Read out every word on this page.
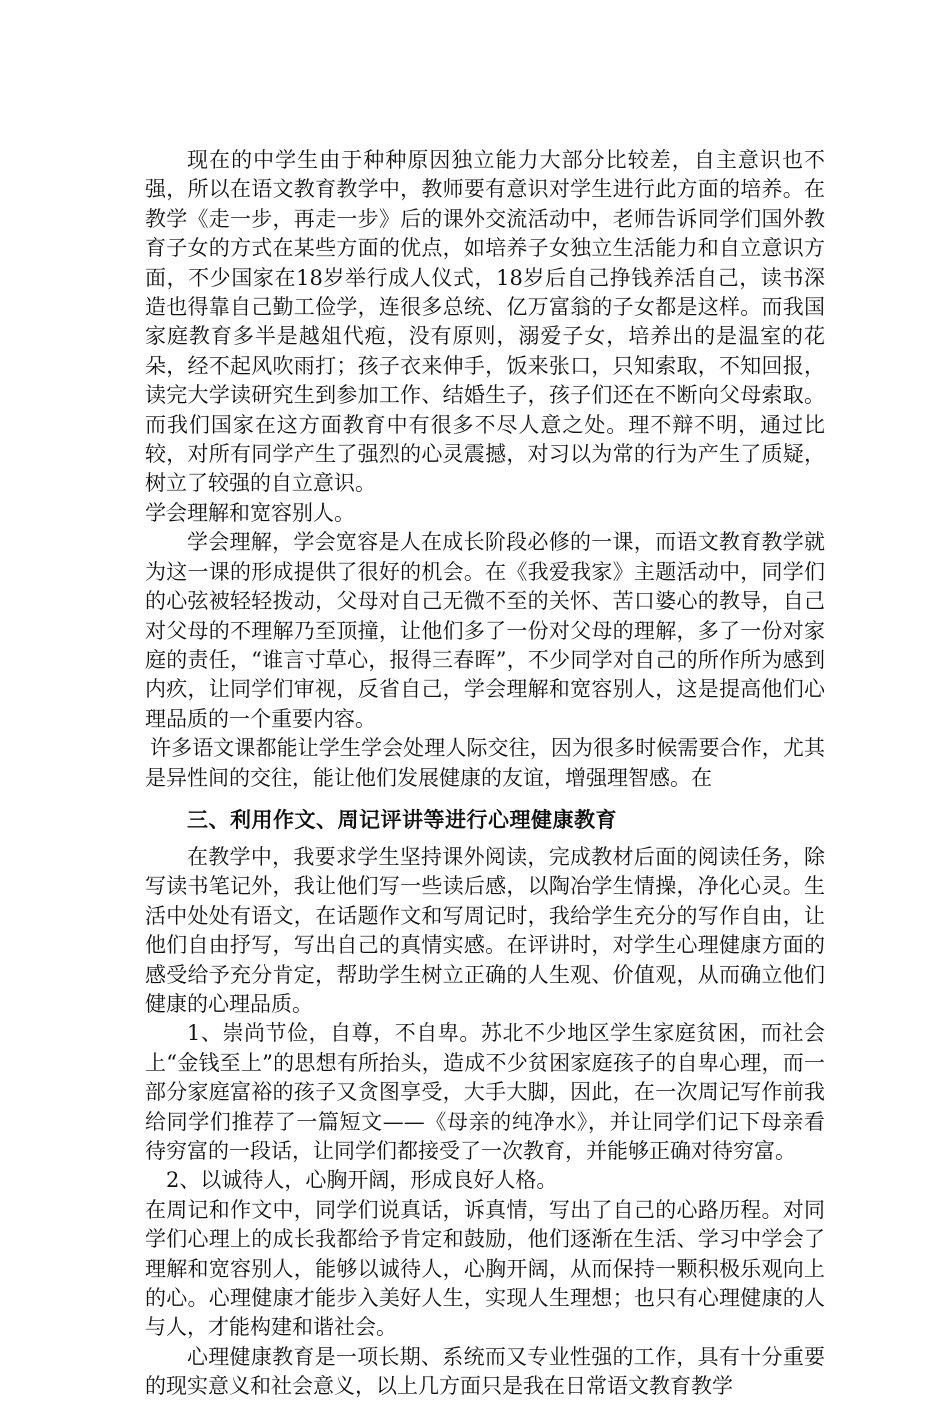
现在的中学生由于种种原因独立能力大部分比较差，自主意识也不强，所以在语文教育教学中，教师要有意识对学生进行此方面的培养。在教学《走一步，再走一步》后的课外交流活动中，老师告诉同学们国外教育子女的方式在某些方面的优点，如培养子女独立生活能力和自立意识方面，不少国家在18岁举行成人仪式，18岁后自己挣钱养活自己，读书深造也得靠自己勤工俭学，连很多总统、亿万富翁的子女都是这样。而我国家庭教育多半是越俎代疱，没有原则，溺爱子女，培养出的是温室的花朵，经不起风吹雨打；孩子衣来伸手，饭来张口，只知索取，不知回报，读完大学读研究生到参加工作、结婚生子，孩子们还在不断向父母索取。而我们国家在这方面教育中有很多不尽人意之处。理不辩不明，通过比较，对所有同学产生了强烈的心灵震撼，对习以为常的行为产生了质疑，树立了较强的自立意识。

学会理解和宽容别人。

学会理解，学会宽容是人在成长阶段必修的一课，而语文教育教学就为这一课的形成提供了很好的机会。在《我爱我家》主题活动中，同学们的心弦被轻轻拨动，父母对自己无微不至的关怀、苦口婆心的教导，自己对父母的不理解乃至顶撞，让他们多了一份对父母的理解，多了一份对家庭的责任，“谁言寸草心，报得三春晖”，不少同学对自己的所作所为感到内疚，让同学们审视，反省自己，学会理解和宽容别人，这是提高他们心理品质的一个重要内容。

许多语文课都能让学生学会处理人际交往，因为很多时候需要合作，尤其是异性间的交往，能让他们发展健康的友谊，增强理智感。在

三、利用作文、周记评讲等进行心理健康教育

在教学中，我要求学生坚持课外阅读，完成教材后面的阅读任务，除写读书笔记外，我让他们写一些读后感，以陶冶学生情操，净化心灵。生活中处处有语文，在话题作文和写周记时，我给学生充分的写作自由，让他们自由抒写，写出自己的真情实感。在评讲时，对学生心理健康方面的感受给予充分肯定，帮助学生树立正确的人生观、价值观，从而确立他们健康的心理品质。

1、崇尚节俭，自尊，不自卑。苏北不少地区学生家庭贫困，而社会上“金钱至上”的思想有所抬头，造成不少贫困家庭孩子的自卑心理，而一部分家庭富裕的孩子又贪图享受，大手大脚，因此，在一次周记写作前我给同学们推荐了一篇短文——《母亲的纯净水》，并让同学们记下母亲看待穷富的一段话，让同学们都接受了一次教育，并能够正确对待穷富。

2、以诚待人，心胸开阔，形成良好人格。

在周记和作文中，同学们说真话，诉真情，写出了自己的心路历程。对同学们心理上的成长我都给予肯定和鼓励，他们逐渐在生活、学习中学会了理解和宽容别人，能够以诚待人，心胸开阔，从而保持一颗积极乐观向上的心。心理健康才能步入美好人生，实现人生理想；也只有心理健康的人与人，才能构建和谐社会。

心理健康教育是一项长期、系统而又专业性强的工作，具有十分重要的现实意义和社会意义，以上几方面只是我在日常语文教育教学
